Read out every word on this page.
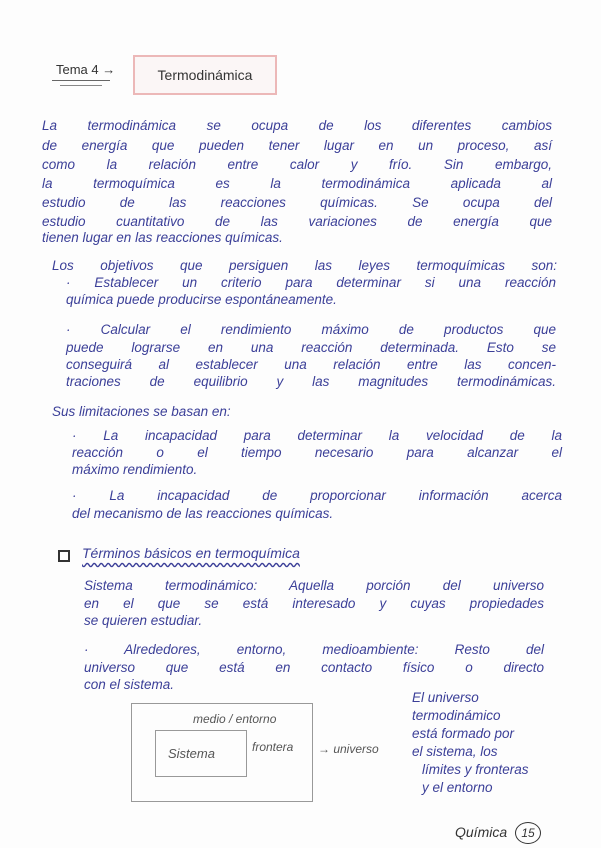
Tema 4 →	Termodinámica
La termodinámica se ocupa de los diferentes cambios
de energía que pueden tener lugar en un proceso, así
como la relación entre calor y frío. Sin embargo,
la termoquímica es la termodinámica aplicada al
estudio de las reacciones químicas. Se ocupa del
estudio cuantitativo de las variaciones de energía que
tienen lugar en las reacciones químicas.
Los objetivos que persiguen las leyes termoquímicas son:
· Establecer un criterio para determinar si una reacción
química puede producirse espontáneamente.
· Calcular el rendimiento máximo de productos que
puede lograrse en una reacción determinada. Esto se
conseguirá al establecer una relación entre las concen-
traciones de equilibrio y las magnitudes termodinámicas.
Sus limitaciones se basan en:
· La incapacidad para determinar la velocidad de la
reacción o el tiempo necesario para alcanzar el
máximo rendimiento.
· La incapacidad de proporcionar información acerca
del mecanismo de las reacciones químicas.
Sistema termodinámico: Aquella porción del universo
en el que se está interesado y cuyas propiedades
se quieren estudiar.
· Alrededores, entorno, medioambiente: Resto del
universo que está en contacto físico o directo
con el sistema.
El universo
termodinámico
está formado por
el sistema, los
límites y fronteras
y el entorno
Términos básicos en termoquímica
medio / entorno
Sistema	frontera → universo
Química 15
